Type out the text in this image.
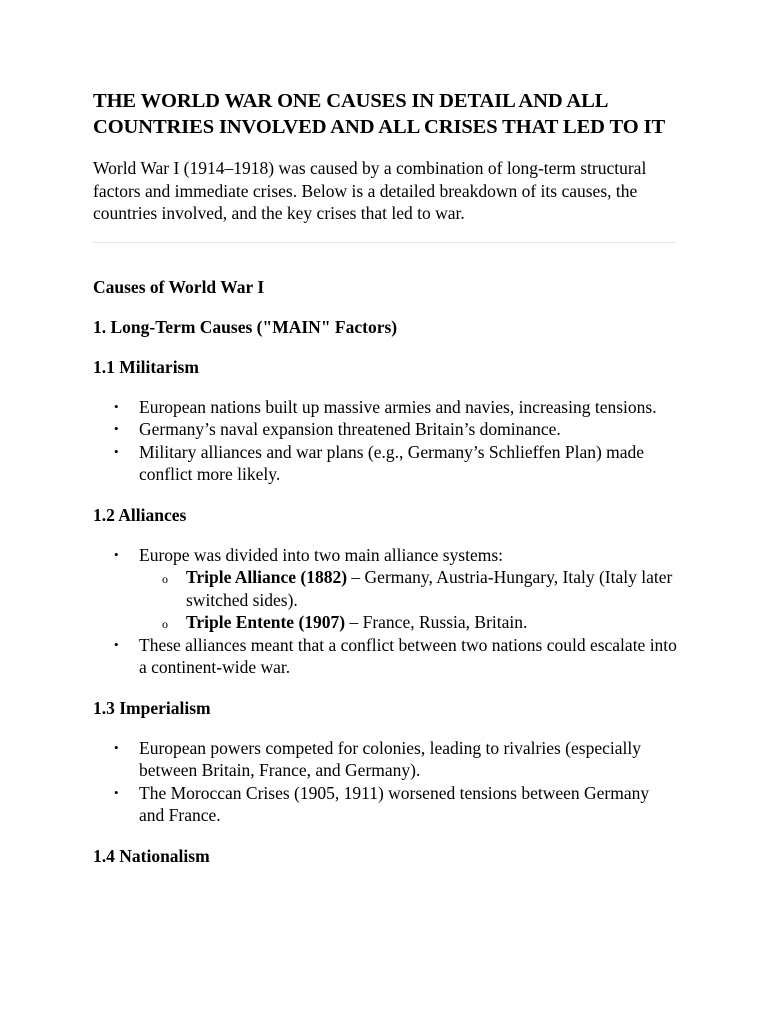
THE WORLD WAR ONE CAUSES IN DETAIL AND ALL COUNTRIES INVOLVED AND ALL CRISES THAT LED TO IT

World War I (1914–1918) was caused by a combination of long-term structural factors and immediate crises. Below is a detailed breakdown of its causes, the countries involved, and the key crises that led to war.

Causes of World War I
1. Long-Term Causes ("MAIN" Factors)
1.1 Militarism
• European nations built up massive armies and navies, increasing tensions.
• Germany’s naval expansion threatened Britain’s dominance.
• Military alliances and war plans (e.g., Germany’s Schlieffen Plan) made conflict more likely.
1.2 Alliances
• Europe was divided into two main alliance systems:
o Triple Alliance (1882) – Germany, Austria-Hungary, Italy (Italy later switched sides).
o Triple Entente (1907) – France, Russia, Britain.
• These alliances meant that a conflict between two nations could escalate into a continent-wide war.
1.3 Imperialism
• European powers competed for colonies, leading to rivalries (especially between Britain, France, and Germany).
• The Moroccan Crises (1905, 1911) worsened tensions between Germany and France.
1.4 Nationalism
